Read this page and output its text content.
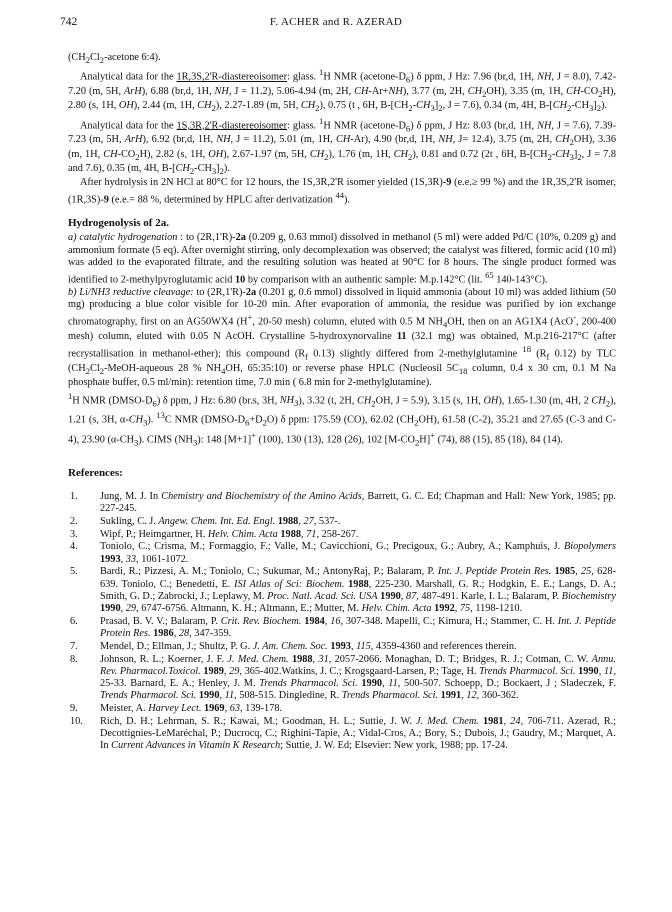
742	F. ACHER and R. AZERAD

($CH_2Cl_2$-acetone 6:4).

Analytical data for the 1R,3S,2'R-diastereoisomer: glass. $^1$H NMR $(acetone-D_6)$ δ ppm, J Hz: 7.96 (br,d, 1H, NH, J = 8.0), 7.42-7.20 (m, 5H, ArH), 6.88 (br,d, 1H, NH, J = 11.2), 5.06-4.94 (m, 2H, CH-Ar+NH), 3.77 (m, 2H, $CH_2OH$), 3.35 (m, 1H, $CH-CO_2H$), 2.80 (s, 1H, OH), 2.44 (m, 1H, $CH_2$), 2.27-1.89 (m, 5H, $CH_2$), 0.75 (t , 6H, $B-[CH_2-CH_3]_2$, J = 7.6), 0.34 (m, 4H, $B-[CH_2-CH_3]_2$).

Analytical data for the 1S,3R,2'R-diastereoisomer: glass. $^1$H NMR $(acetone-D_6)$ δ ppm, J Hz: 8.03 (br,d, 1H, NH, J = 7.6), 7.39-7.23 (m, 5H, ArH), 6.92 (br,d, 1H, NH, J = 11.2), 5.01 (m, 1H, CH-Ar), 4.90 (br,d, 1H, NH, J= 12.4), 3.75 (m, 2H, $CH_2OH$), 3.36 (m, 1H, $CH-CO_2H$), 2.82 (s, 1H, OH), 2.67-1.97 (m, 5H, $CH_2$), 1.76 (m, 1H, $CH_2$), 0.81 and 0.72 (2t , 6H, $B-[CH_2-CH_3]_2$, J = 7.8 and 7.6), 0.35 (m, 4H, $B-[CH_2-CH_3]_2$).

After hydrolysis in 2N HCl at 80°C for 12 hours, the 1S,3R,2'R isomer yielded (1S,3R)-9 (e.e.≥ 99 %) and the 1R,3S,2'R isomer, (1R,3S)-9 (e.e.= 88 %, determined by HPLC after derivatization $^{44}$).

Hydrogenolysis of 2a.

a) catalytic hydrogenation : to (2R,1'R)-2a (0.209 g, 0.63 mmol) dissolved in methanol (5 ml) were added Pd/C (10%, 0.209 g) and ammonium formate (5 eq). After overnight stirring, only decomplexation was observed; the catalyst was filtered, formic acid (10 ml) was added to the evaporated filtrate, and the resulting solution was heated at 90°C for 8 hours. The single product formed was identified to 2-methylpyroglutamic acid 10 by comparison with an authentic sample: M.p.142°C (lit. $^{65}$ 140-143°C).

b) Li/NH3 reductive cleavage: to (2R,1'R)-2a (0.201 g, 0.6 mmol) dissolved in liquid ammonia (about 10 ml) was added lithium (50 mg) producing a blue color visible for 10-20 min. After evaporation of ammonia, the residue was purified by ion exchange chromatography, first on an AG50WX4 (H+, 20-50 mesh) column, eluted with 0.5 M $NH_4OH$, then on an AG1X4 (AcO-, 200-400 mesh) column, eluted with 0.05 N AcOH. Crystalline 5-hydroxynorvaline 11 (32.1 mg) was obtained, M.p.216-217°C (after recrystallisation in methanol-ether); this compound ($R_f$ 0.13) slightly differed from 2-methylglutamine $^{18}$ ($R_f$ 0.12) by TLC ($CH_2Cl_2-MeOH$-aqueous 28 % $NH_4OH$, 65:35:10) or reverse phase HPLC (Nucleosil $5C_{18}$ column, 0.4 x 30 cm, 0.1 M Na phosphate buffer, 0.5 ml/min): retention time, 7.0 min ( 6.8 min for 2-methylglutamine).

$^1$H NMR $(DMSO-D_6)$ δ ppm, J Hz: 6.80 (br.s, 3H, $NH_3$), 3.32 (t, 2H, $CH_2OH$, J = 5.9), 3.15 (s, 1H, OH), 1.65-1.30 (m, 4H, 2 $CH_2$), 1.21 (s, 3H, $\alpha-CH_3$). $^{13}$C NMR $(DMSO-D_6+D_2O)$ δ ppm: 175.59 (CO), 62.02 $(CH_2OH)$, 61.58 (C-2), 35.21 and 27.65 (C-3 and C-4), 23.90 $(\alpha-CH_3)$. CIMS $(NH_3)$: 148 [M+1]+ (100), 130 (13), 128 (26), 102 $[M-CO_2H]^+$ (74), 88 (15), 85 (18), 84 (14).

References:

1.	Jung, M. J. In Chemistry and Biochemistry of the Amino Acids, Barrett, G. C. Ed; Chapman and Hall: New York, 1985; pp. 227-245.
2.	Sukling, C. J. Angew. Chem. Int. Ed. Engl. 1988, 27, 537-.
3.	Wipf, P.; Heimgartner, H. Helv. Chim. Acta 1988, 71, 258-267.
4.	Toniolo, C.; Crisma, M.; Formaggio, F.; Valle, M.; Cavicchioni, G.; Precigoux, G.; Aubry, A.; Kamphuis, J. Biopolymers 1993, 33, 1061-1072.
5.	Bardi, R.; Pizzesi, A. M.; Toniolo, C.; Sukumar, M.; AntonyRaj, P.; Balaram, P. Int. J. Peptide Protein Res. 1985, 25, 628-639. Toniolo, C.; Benedetti, E. ISI Atlas of Sci: Biochem. 1988, 225-230. Marshall, G. R.; Hodgkin, E. E.; Langs, D. A.; Smith, G. D.; Zabrocki, J.; Leplawy, M. Proc. Natl. Acad. Sci. USA 1990, 87, 487-491. Karle, I. L.; Balaram, P. Biochemistry 1990, 29, 6747-6756. Altmann, K. H.; Altmann, E.; Mutter, M. Helv. Chim. Acta 1992, 75, 1198-1210.
6.	Prasad, B. V. V.; Balaram, P. Crit. Rev. Biochem. 1984, 16, 307-348. Mapelli, C.; Kimura, H.; Stammer, C. H. Int. J. Peptide Protein Res. 1986, 28, 347-359.
7.	Mendel, D.; Ellman, J.; Shultz, P. G. J. Am. Chem. Soc. 1993, 115, 4359-4360 and references therein.
8.	Johnson, R. L.; Koerner, J. F. J. Med. Chem. 1988, 31, 2057-2066. Monaghan, D. T.; Bridges, R. J.; Cotman, C. W. Annu. Rev. Pharmacol.Toxicol. 1989, 29, 365-402.Watkins, J. C.; Krogsgaard-Larsen, P.; Tage, H. Trends Pharmacol. Sci. 1990, 11, 25-33. Barnard, E. A.; Henley, J. M. Trends Pharmacol. Sci. 1990, 11, 500-507. Schoepp, D.; Bockaert, J ; Sladeczek, F. Trends Pharmacol. Sci. 1990, 11, 508-515. Dingledine, R. Trends Pharmacol. Sci. 1991, 12, 360-362.
9.	Meister, A. Harvey Lect. 1969, 63, 139-178.
10.	Rich, D. H.; Lehrman, S. R.; Kawai, M.; Goodman, H. L.; Suttie, J. W. J. Med. Chem. 1981, 24, 706-711. Azerad, R.; Decottignies-LeMaréchal, P.; Ducrocq, C.; Righini-Tapie, A.; Vidal-Cros, A.; Bory, S.; Dubois, J.; Gaudry, M.; Marquet, A. In Current Advances in Vitamin K Research; Suttie, J. W. Ed; Elsevier: New york, 1988; pp. 17-24.
